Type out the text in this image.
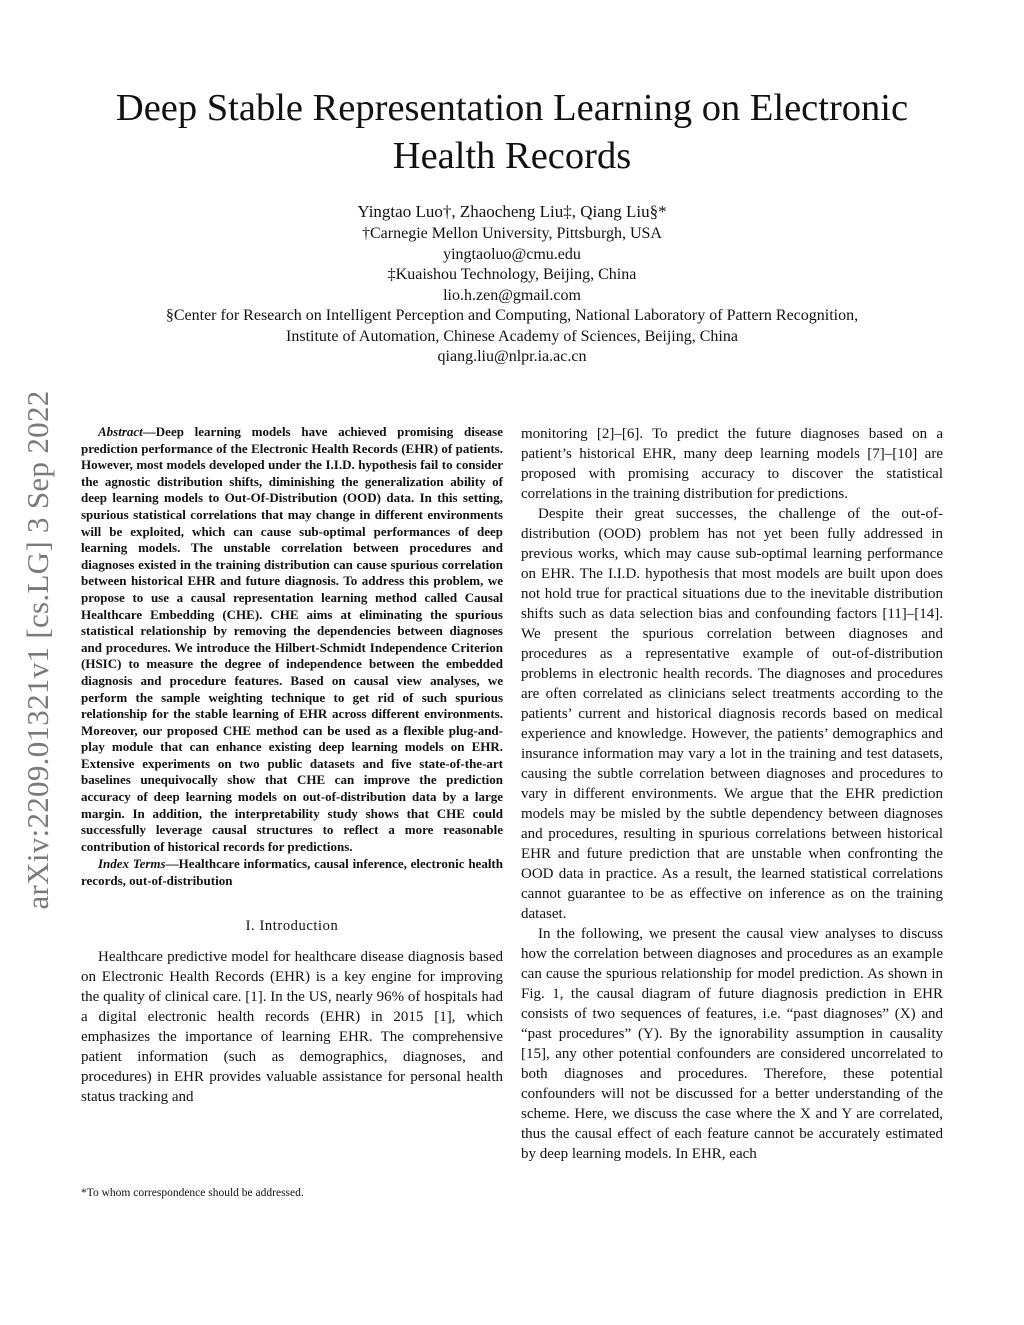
Deep Stable Representation Learning on Electronic
Health Records
Yingtao Luo†, Zhaocheng Liu‡, Qiang Liu§*
†Carnegie Mellon University, Pittsburgh, USA
yingtaoluo@cmu.edu
‡Kuaishou Technology, Beijing, China
lio.h.zen@gmail.com
§Center for Research on Intelligent Perception and Computing, National Laboratory of Pattern Recognition,
Institute of Automation, Chinese Academy of Sciences, Beijing, China
qiang.liu@nlpr.ia.ac.cn
arXiv:2209.01321v1 [cs.LG] 3 Sep 2022	Abstract—Deep learning models have achieved promising disease prediction performance of the Electronic Health Records (EHR) of patients. However, most models developed under the I.I.D. hypothesis fail to consider the agnostic distribution shifts, diminishing the generalization ability of deep learning models to Out-Of-Distribution (OOD) data. In this setting, spurious statistical correlations that may change in different environments will be exploited, which can cause sub-optimal performances of deep learning models. The unstable correlation between procedures and diagnoses existed in the training distribution can cause spurious correlation between historical EHR and future diagnosis. To address this problem, we propose to use a causal representation learning method called Causal Healthcare Embedding (CHE). CHE aims at eliminating the spurious statistical relationship by removing the dependencies between diagnoses and procedures. We introduce the Hilbert-Schmidt Independence Criterion (HSIC) to measure the degree of independence between the embedded diagnosis and procedure features. Based on causal view analyses, we perform the sample weighting technique to get rid of such spurious relationship for the stable learning of EHR across different environments. Moreover, our proposed CHE method can be used as a flexible plug-and-play module that can enhance existing deep learning models on EHR. Extensive experiments on two public datasets and five state-of-the-art baselines unequivocally show that CHE can improve the prediction accuracy of deep learning models on out-of-distribution data by a large margin. In addition, the interpretability study shows that CHE could successfully leverage causal structures to reflect a more reasonable contribution of historical records for predictions.

Index Terms—Healthcare informatics, causal inference, electronic health records, out-of-distribution

I. Introduction

Healthcare predictive model for healthcare disease diagnosis based on Electronic Health Records (EHR) is a key engine for improving the quality of clinical care. [1]. In the US, nearly 96% of hospitals had a digital electronic health records (EHR) in 2015 [1], which emphasizes the importance of learning EHR. The comprehensive patient information (such as demographics, diagnoses, and procedures) in EHR provides valuable assistance for personal health status tracking and

monitoring [2]–[6]. To predict the future diagnoses based on a patient’s historical EHR, many deep learning models [7]–[10] are proposed with promising accuracy to discover the statistical correlations in the training distribution for predictions.

Despite their great successes, the challenge of the out-of-distribution (OOD) problem has not yet been fully addressed in previous works, which may cause sub-optimal learning performance on EHR. The I.I.D. hypothesis that most models are built upon does not hold true for practical situations due to the inevitable distribution shifts such as data selection bias and confounding factors [11]–[14]. We present the spurious correlation between diagnoses and procedures as a representative example of out-of-distribution problems in electronic health records. The diagnoses and procedures are often correlated as clinicians select treatments according to the patients’ current and historical diagnosis records based on medical experience and knowledge. However, the patients’ demographics and insurance information may vary a lot in the training and test datasets, causing the subtle correlation between diagnoses and procedures to vary in different environments. We argue that the EHR prediction models may be misled by the subtle dependency between diagnoses and procedures, resulting in spurious correlations between historical EHR and future prediction that are unstable when confronting the OOD data in practice. As a result, the learned statistical correlations cannot guarantee to be as effective on inference as on the training dataset.

In the following, we present the causal view analyses to discuss how the correlation between diagnoses and procedures as an example can cause the spurious relationship for model prediction. As shown in Fig. 1, the causal diagram of future diagnosis prediction in EHR consists of two sequences of features, i.e. “past diagnoses” (X) and “past procedures” (Y). By the ignorability assumption in causality [15], any other potential confounders are considered uncorrelated to both diagnoses and procedures. Therefore, these potential confounders will not be discussed for a better understanding of the scheme. Here, we discuss the case where the X and Y are correlated, thus the causal effect of each feature cannot be accurately estimated by deep learning models. In EHR, each

*To whom correspondence should be addressed.
